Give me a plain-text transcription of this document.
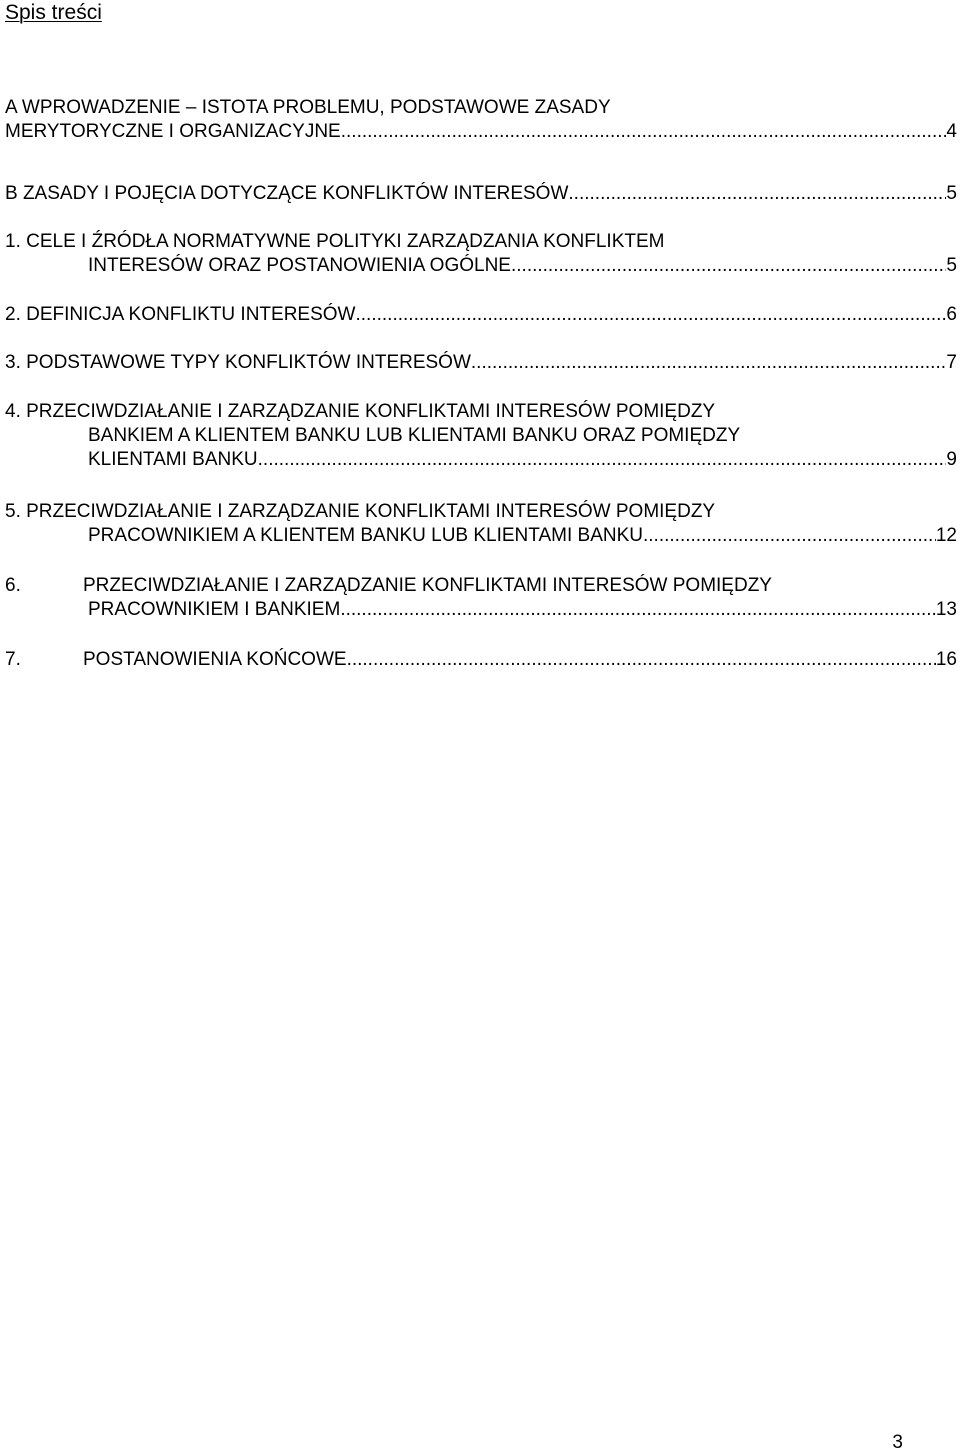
Spis treści
A WPROWADZENIE – ISTOTA PROBLEMU, PODSTAWOWE ZASADY
MERYTORYCZNE I ORGANIZACYJNE .....	4
B ZASADY I POJĘCIA DOTYCZĄCE KONFLIKTÓW INTERESÓW .....	5
1. CELE I ŹRÓDŁA NORMATYWNE POLITYKI ZARZĄDZANIA KONFLIKTEM
INTERESÓW ORAZ POSTANOWIENIA OGÓLNE .....	5
2. DEFINICJA KONFLIKTU INTERESÓW .....	6
3. PODSTAWOWE TYPY KONFLIKTÓW INTERESÓW .....	7
4. PRZECIWDZIAŁANIE I ZARZĄDZANIE KONFLIKTAMI INTERESÓW POMIĘDZY
BANKIEM A KLIENTEM BANKU LUB KLIENTAMI BANKU ORAZ POMIĘDZY
KLIENTAMI BANKU .....	9
5. PRZECIWDZIAŁANIE I ZARZĄDZANIE KONFLIKTAMI INTERESÓW POMIĘDZY
PRACOWNIKIEM A KLIENTEM BANKU LUB KLIENTAMI BANKU .....	12
6.	PRZECIWDZIAŁANIE I ZARZĄDZANIE KONFLIKTAMI INTERESÓW POMIĘDZY
PRACOWNIKIEM I BANKIEM .....	13
7.	POSTANOWIENIA KOŃCOWE .....	16
3
